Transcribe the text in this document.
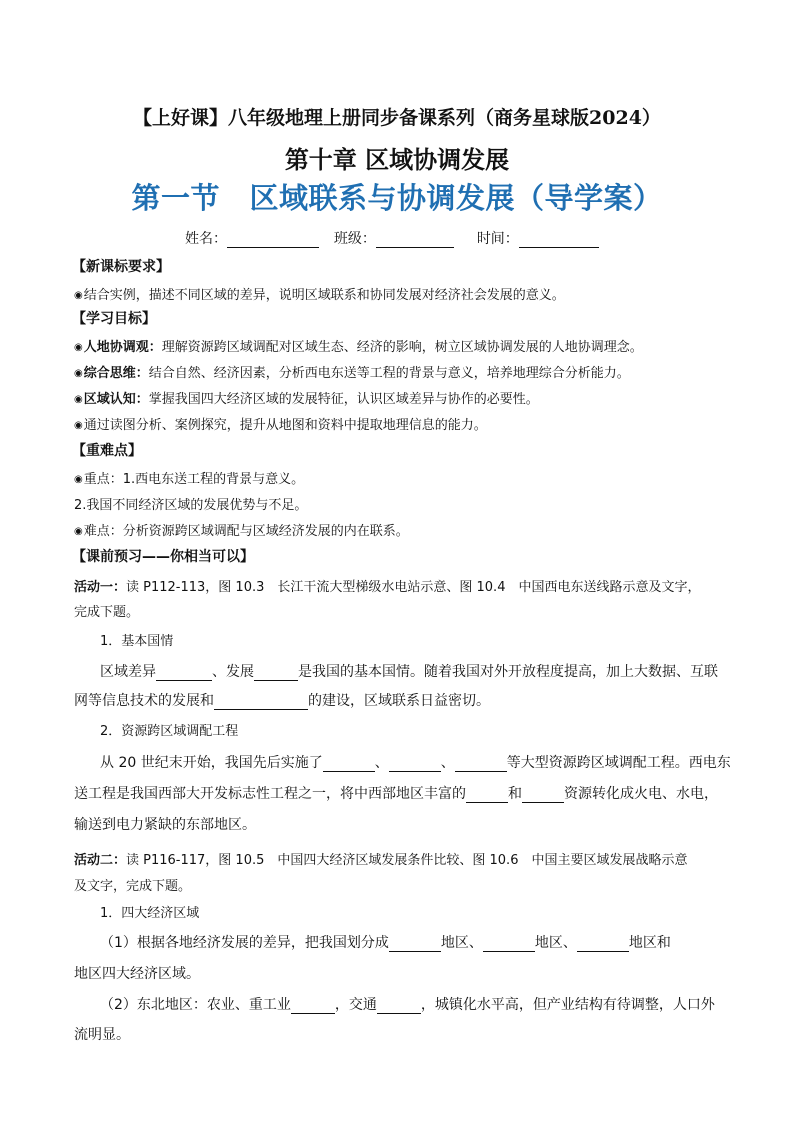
【上好课】八年级地理上册同步备课系列（商务星球版2024）
第十章 区域协调发展
第一节　区域联系与协调发展（导学案）
姓名：	班级：	时间：
【新课标要求】
◉结合实例，描述不同区域的差异，说明区域联系和协同发展对经济社会发展的意义。
【学习目标】
◉人地协调观：理解资源跨区域调配对区域生态、经济的影响，树立区域协调发展的人地协调理念。
◉综合思维：结合自然、经济因素，分析西电东送等工程的背景与意义，培养地理综合分析能力。
◉区域认知：掌握我国四大经济区域的发展特征，认识区域差异与协作的必要性。
◉通过读图分析、案例探究，提升从地图和资料中提取地理信息的能力。
【重难点】
◉重点：1.西电东送工程的背景与意义。
2.我国不同经济区域的发展优势与不足。
◉难点：分析资源跨区域调配与区域经济发展的内在联系。
【课前预习——你相当可以】
活动一：读 P112-113，图 10.3　长江干流大型梯级水电站示意、图 10.4　中国西电东送线路示意及文字，
完成下题。
1．基本国情
区域差异	、发展	是我国的基本国情。随着我国对外开放程度提高，加上大数据、互联
网等信息技术的发展和	的建设，区域联系日益密切。
2．资源跨区域调配工程
从 20 世纪末开始，我国先后实施了	、	、	等大型资源跨区域调配工程。西电东
送工程是我国西部大开发标志性工程之一，将中西部地区丰富的	和	资源转化成火电、水电，
输送到电力紧缺的东部地区。
活动二：读 P116-117，图 10.5　中国四大经济区域发展条件比较、图 10.6　中国主要区域发展战略示意
及文字，完成下题。
1．四大经济区域
（1）根据各地经济发展的差异，把我国划分成	地区、	地区、	地区和
地区四大经济区域。
（2）东北地区：农业、重工业	，交通	，城镇化水平高，但产业结构有待调整，人口外
流明显。
